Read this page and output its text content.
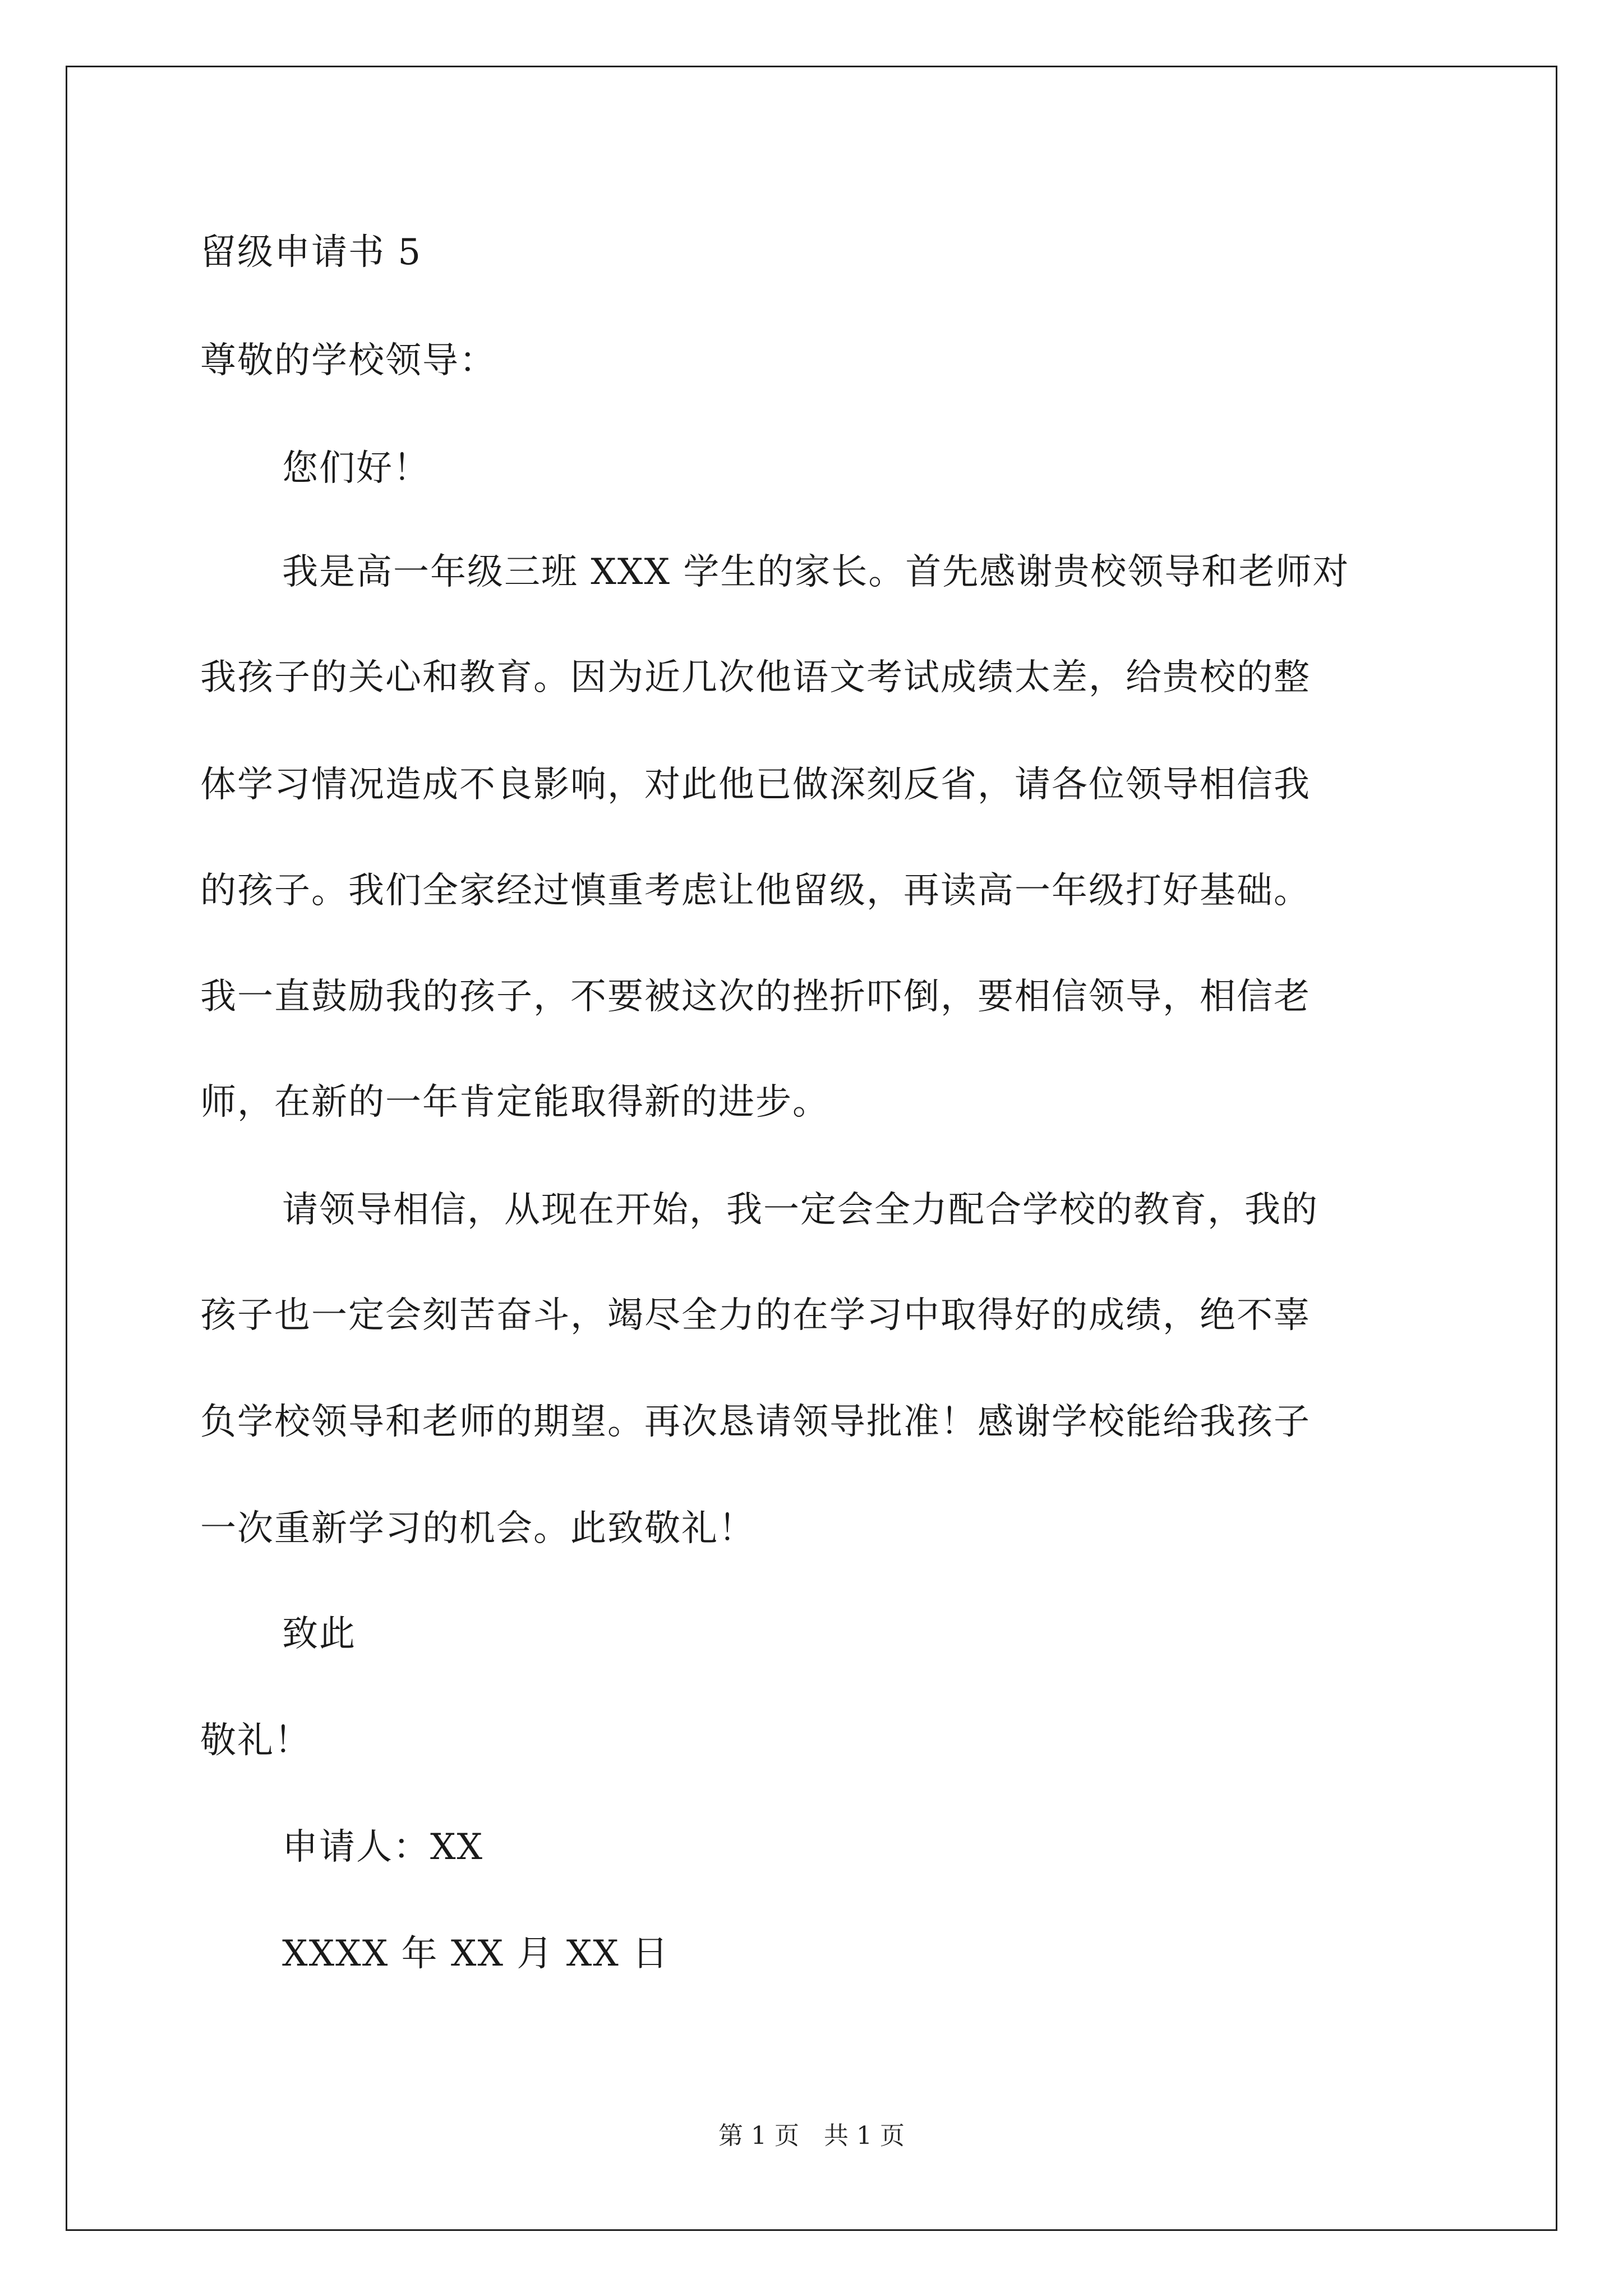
留级申请书 5
尊敬的学校领导：
您们好！
我是高一年级三班 XXX 学生的家长。首先感谢贵校领导和老师对
我孩子的关心和教育。因为近几次他语文考试成绩太差，给贵校的整
体学习情况造成不良影响，对此他已做深刻反省，请各位领导相信我
的孩子。我们全家经过慎重考虑让他留级，再读高一年级打好基础。
我一直鼓励我的孩子，不要被这次的挫折吓倒，要相信领导，相信老
师，在新的一年肯定能取得新的进步。
请领导相信，从现在开始，我一定会全力配合学校的教育，我的
孩子也一定会刻苦奋斗，竭尽全力的在学习中取得好的成绩，绝不辜
负学校领导和老师的期望。再次恳请领导批准！感谢学校能给我孩子
一次重新学习的机会。此致敬礼！
致此
敬礼！
申请人：XX
XXXX 年 XX 月 XX 日
第 1 页　共 1 页
